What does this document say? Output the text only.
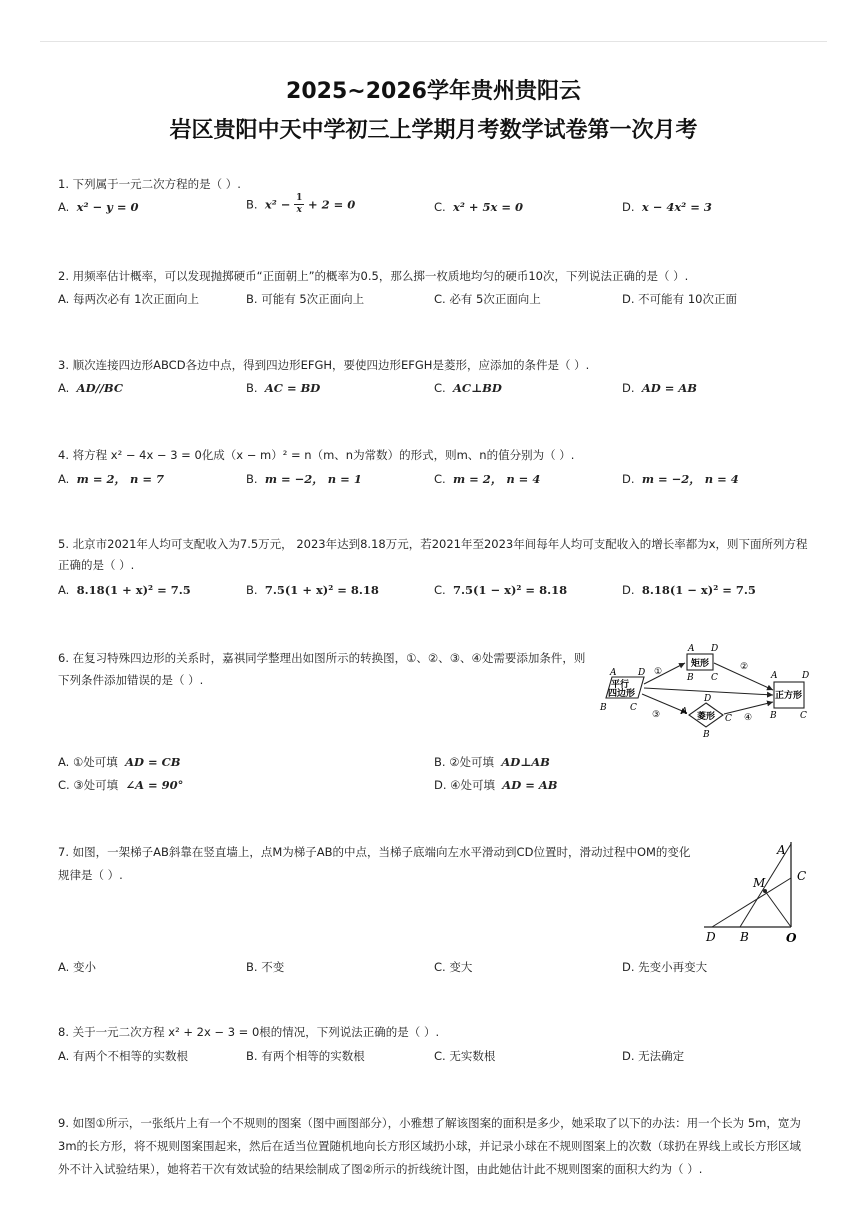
2025~2026学年贵州贵阳云
岩区贵阳中天中学初三上学期月考数学试卷第一次月考
1. 下列属于一元二次方程的是（ ）.
A. x² − y = 0	B. $x^2 - \frac{1}{x} + 2 = 0$	C. x² + 5x = 0	D. x − 4x² = 3
2. 用频率估计概率，可以发现抛掷硬币“正面朝上”的概率为0.5，那么掷一枚质地均匀的硬币10次，下列说法正确的是（ ）.
A. 每两次必有 1次正面向上	B. 可能有 5次正面向上	C. 必有 5次正面向上	D. 不可能有 10次正面
3. 顺次连接四边形ABCD各边中点，得到四边形EFGH，要使四边形EFGH是菱形，应添加的条件是（ ）.
A. AD//BC	B. AC = BD	C. AC⊥BD	D. AD = AB
4. 将方程 x² − 4x − 3 = 0化成（x − m）² = n（m、n为常数）的形式，则m、n的值分别为（ ）.
A. m = 2， n = 7	B. m = −2， n = 1	C. m = 2， n = 4	D. m = −2， n = 4
5. 北京市2021年人均可支配收入为7.5万元， 2023年达到8.18万元，若2021年至2023年间每年人均可支配收入的增长率都为x，则下面所列方程正确的是（ ）.
A. 8.18(1 + x)² = 7.5	B. 7.5(1 + x)² = 8.18	C. 7.5(1 − x)² = 8.18	D. 8.18(1 − x)² = 7.5
6. 在复习特殊四边形的关系时，嘉祺同学整理出如图所示的转换图，①、②、③、④处需要添加条件，则下列条件添加错误的是（ ）.	平行
四边形
矩形
菱形
正方形
①	②
③	④
A D
B	C
A D
B C
D
A
C
B
A	D
B	C
A. ①处可填 AD = CB	B. ②处可填 AD⊥AB
C. ③处可填 ∠A = 90°	D. ④处可填 AD = AB
7. 如图，一架梯子AB斜靠在竖直墙上，点M为梯子AB的中点，当梯子底端向左水平滑动到CD位置时，滑动过程中OM的变化规律是（ ）.
A
C
M
D B	O
A. 变小	B. 不变	C. 变大	D. 先变小再变大
8. 关于一元二次方程 x² + 2x − 3 = 0根的情况，下列说法正确的是（ ）.
A. 有两个不相等的实数根	B. 有两个相等的实数根	C. 无实数根	D. 无法确定
9. 如图①所示，一张纸片上有一个不规则的图案（图中画图部分），小雅想了解该图案的面积是多少，她采取了以下的办法：用一个长为 5m，宽为 3m的长方形，将不规则图案围起来，然后在适当位置随机地向长方形区域扔小球，并记录小球在不规则图案上的次数（球扔在界线上或长方形区域外不计入试验结果），她将若干次有效试验的结果绘制成了图②所示的折线统计图，由此她估计此不规则图案的面积大约为（ ）.
